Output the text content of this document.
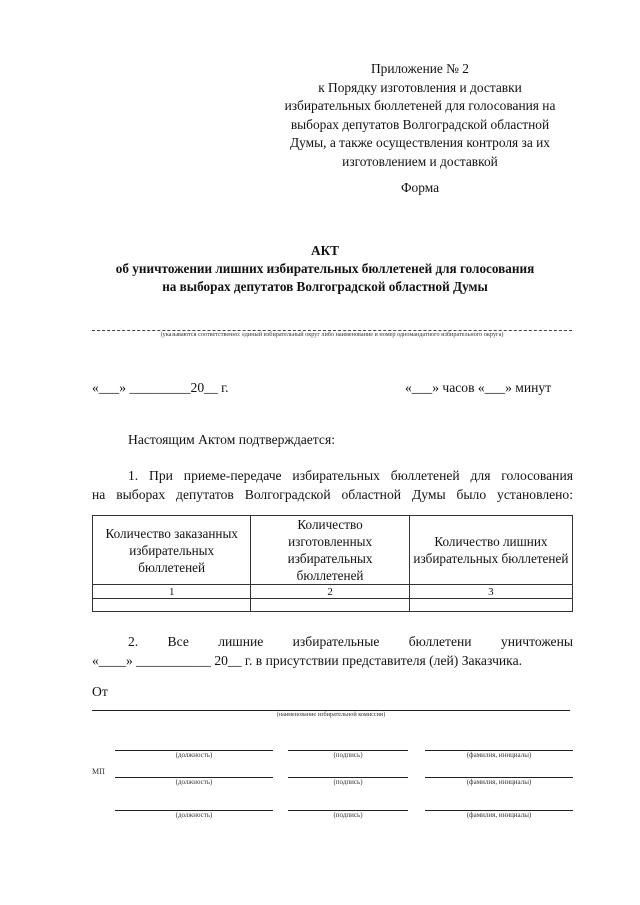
Приложение № 2
к Порядку изготовления и доставки
избирательных бюллетеней для голосования на
выборах депутатов Волгоградской областной
Думы, а также осуществления контроля за их
изготовлением и доставкой
Форма
АКТ
об уничтожении лишних избирательных бюллетеней для голосования
на выборах депутатов Волгоградской областной Думы
(указываются соответственно: единый избирательный округ либо наименование и номер одномандатного избирательного округа)
«___» _________20__ г.	«___» часов «___» минут
Настоящим Актом подтверждается:
1. При приеме-передаче избирательных бюллетеней для голосования
на выборах депутатов Волгоградской областной Думы было установлено:
Количество заказанных избирательных бюллетеней	Количество изготовленных избирательных бюллетеней	Количество лишних избирательных бюллетеней
1	2	3

2. Все лишние избирательные бюллетени уничтожены
«____» ___________ 20__ г. в присутствии представителя (лей) Заказчика.
От
(наименование избирательной комиссии)
(должность)	(подпись)	(фамилия, инициалы)
МП
(должность)	(подпись)	(фамилия, инициалы)
(должность)	(подпись)	(фамилия, инициалы)
